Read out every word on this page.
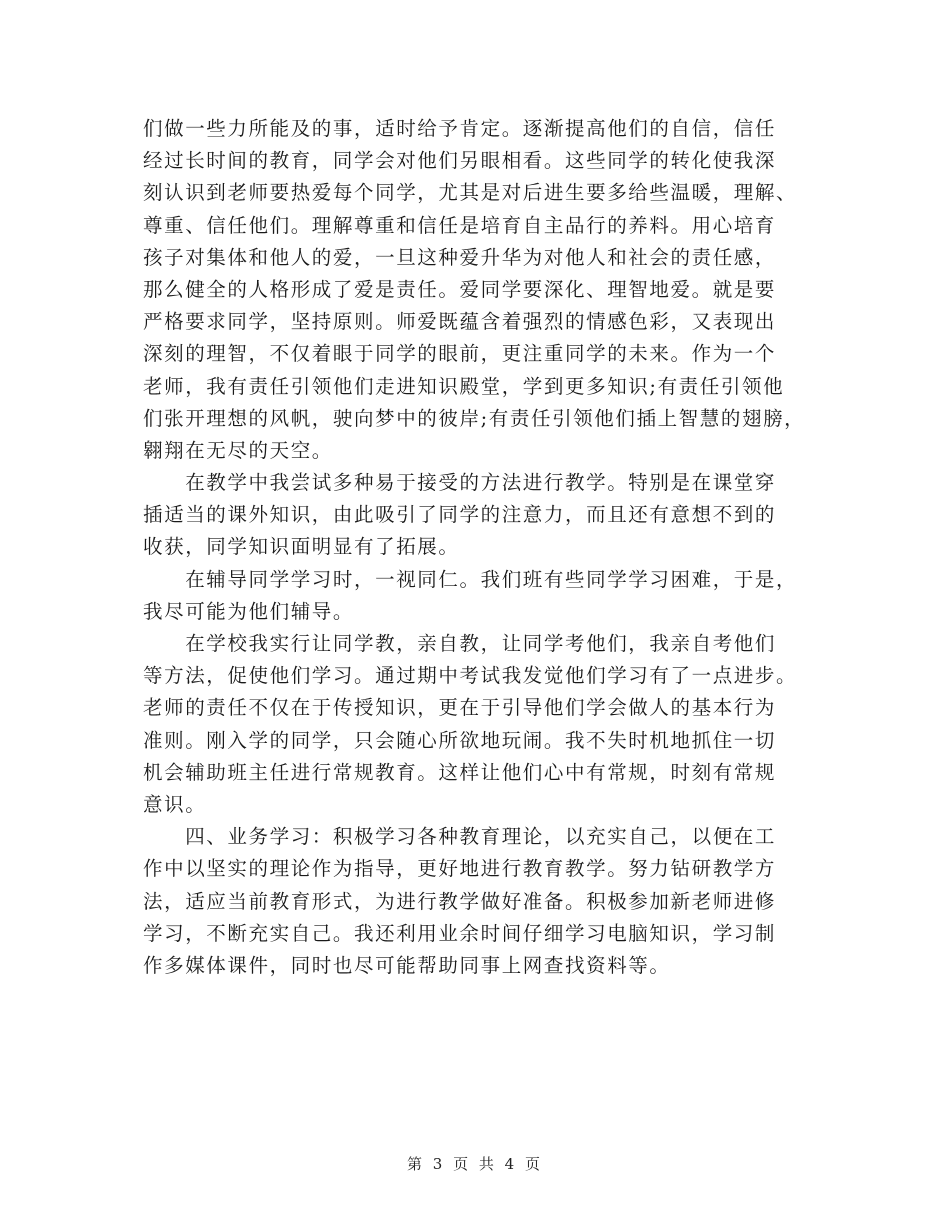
们做一些力所能及的事，适时给予肯定。逐渐提高他们的自信，信任
经过长时间的教育，同学会对他们另眼相看。这些同学的转化使我深
刻认识到老师要热爱每个同学，尤其是对后进生要多给些温暖，理解、
尊重、信任他们。理解尊重和信任是培育自主品行的养料。用心培育
孩子对集体和他人的爱，一旦这种爱升华为对他人和社会的责任感，
那么健全的人格形成了爱是责任。爱同学要深化、理智地爱。就是要
严格要求同学，坚持原则。师爱既蕴含着强烈的情感色彩，又表现出
深刻的理智，不仅着眼于同学的眼前，更注重同学的未来。作为一个
老师，我有责任引领他们走进知识殿堂，学到更多知识;有责任引领他
们张开理想的风帆，驶向梦中的彼岸;有责任引领他们插上智慧的翅膀，
翱翔在无尽的天空。
　　在教学中我尝试多种易于接受的方法进行教学。特别是在课堂穿
插适当的课外知识，由此吸引了同学的注意力，而且还有意想不到的
收获，同学知识面明显有了拓展。
　　在辅导同学学习时，一视同仁。我们班有些同学学习困难，于是，
我尽可能为他们辅导。
　　在学校我实行让同学教，亲自教，让同学考他们，我亲自考他们
等方法，促使他们学习。通过期中考试我发觉他们学习有了一点进步。
老师的责任不仅在于传授知识，更在于引导他们学会做人的基本行为
准则。刚入学的同学，只会随心所欲地玩闹。我不失时机地抓住一切
机会辅助班主任进行常规教育。这样让他们心中有常规，时刻有常规
意识。
　　四、业务学习：积极学习各种教育理论，以充实自己，以便在工
作中以坚实的理论作为指导，更好地进行教育教学。努力钻研教学方
法，适应当前教育形式，为进行教学做好准备。积极参加新老师进修
学习，不断充实自己。我还利用业余时间仔细学习电脑知识，学习制
作多媒体课件，同时也尽可能帮助同事上网查找资料等。
第 3 页 共 4 页
